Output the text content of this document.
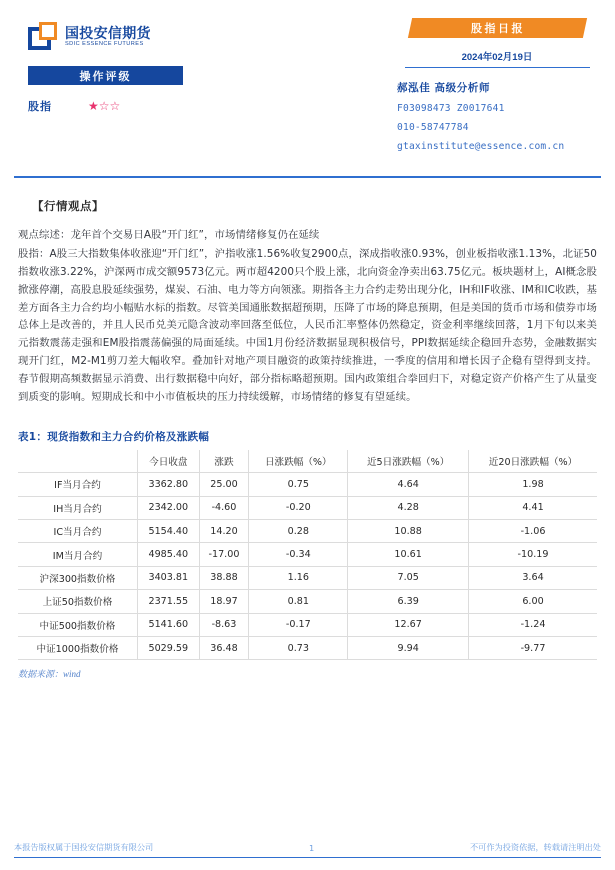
国投安信期货
SDIC ESSENCE FUTURES
操作评级
股指	★☆☆
股指日报
2024年02月19日
郝泓佳 高级分析师
F03098473 Z0017641
010-58747784
gtaxinstitute@essence.com.cn
【行情观点】
观点综述：龙年首个交易日A股“开门红”，市场情绪修复仍在延续
股指：A股三大指数集体收涨迎“开门红”，沪指收涨1.56%收复2900点，深成指收涨0.93%，创业板指收涨1.13%，北证50指数收涨3.22%，沪深两市成交额9573亿元。两市超4200只个股上涨，北向资金净卖出63.75亿元。板块题材上，AI概念股掀涨停潮，高股息股延续强势，煤炭、石油、电力等方向领涨。期指各主力合约走势出现分化，IH和IF收涨、IM和IC收跌，基差方面各主力合约均小幅贴水标的指数。尽管美国通胀数据超预期，压降了市场的降息预期，但是美国的货币市场和债券市场总体上是改善的，并且人民币兑美元隐含波动率回落至低位，人民币汇率整体仍然稳定，资金利率继续回落，1月下旬以来美元指数震荡走强和EM股指震荡偏强的局面延续。中国1月份经济数据显现积极信号，PPI数据延续企稳回升态势，金融数据实现开门红，M2-M1剪刀差大幅收窄。叠加针对地产项目融资的政策持续推进，一季度的信用和增长因子企稳有望得到支持。春节假期高频数据显示消费、出行数据稳中向好，部分指标略超预期。国内政策组合拳回归下，对稳定资产价格产生了从量变到质变的影响。短期成长和中小市值板块的压力持续缓解，市场情绪的修复有望延续。
表1：现货指数和主力合约价格及涨跌幅
	今日收盘	涨跌	日涨跌幅（%）	近5日涨跌幅（%）	近20日涨跌幅（%）
IF当月合约	3362.80	25.00	0.75	4.64	1.98
IH当月合约	2342.00	-4.60	-0.20	4.28	4.41
IC当月合约	5154.40	14.20	0.28	10.88	-1.06
IM当月合约	4985.40	-17.00	-0.34	10.61	-10.19
沪深300指数价格	3403.81	38.88	1.16	7.05	3.64
上证50指数价格	2371.55	18.97	0.81	6.39	6.00
中证500指数价格	5141.60	-8.63	-0.17	12.67	-1.24
中证1000指数价格	5029.59	36.48	0.73	9.94	-9.77
数据来源：wind
本报告版权属于国投安信期货有限公司	1	不可作为投资依据，转载请注明出处
